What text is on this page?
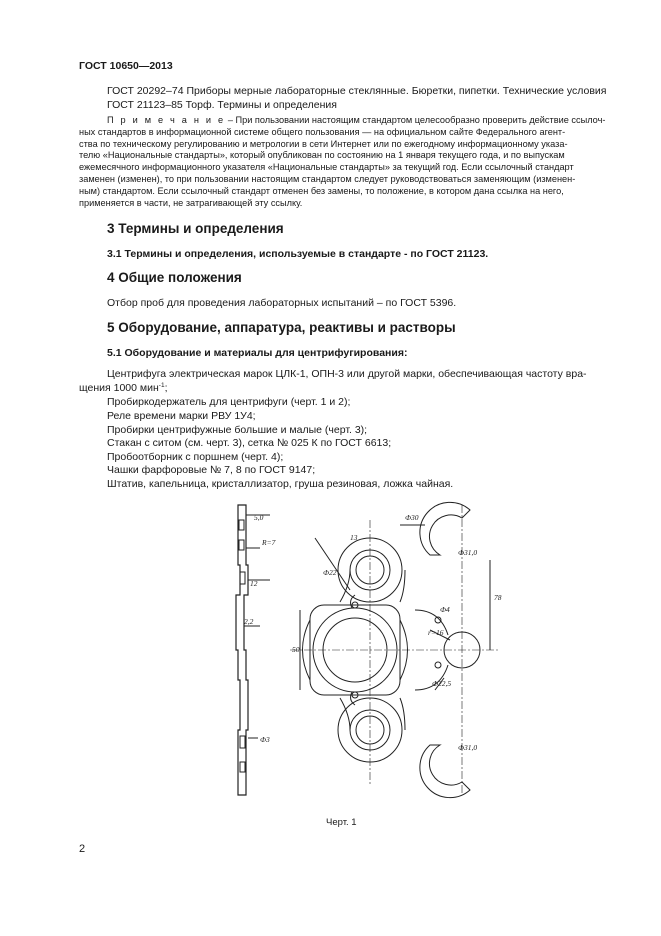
ГОСТ 10650—2013
ГОСТ 20292–74 Приборы мерные лабораторные стеклянные. Бюретки, пипетки. Технические условия
ГОСТ 21123–85 Торф. Термины и определения
П р и м е ч а н и е – При пользовании настоящим стандартом целесообразно проверить действие ссылоч-
ных стандартов в информационной системе общего пользования — на официальном сайте Федерального агент-
ства по техническому регулированию и метрологии в сети Интернет или по ежегодному информационному указа-
телю «Национальные стандарты», который опубликован по состоянию на 1 января текущего года, и по выпускам
ежемесячного информационного указателя «Национальные стандарты» за текущий год. Если ссылочный стандарт
заменен (изменен), то при пользовании настоящим стандартом следует руководствоваться заменяющим (изменен-
ным) стандартом. Если ссылочный стандарт отменен без замены, то положение, в котором дана ссылка на него,
применяется в части, не затрагивающей эту ссылку.
3 Термины и определения
3.1 Термины и определения, используемые в стандарте - по ГОСТ 21123.
4 Общие положения
Отбор проб для проведения лабораторных испытаний – по ГОСТ 5396.
5 Оборудование, аппаратура, реактивы и растворы
5.1 Оборудование и материалы для центрифугирования:
Центрифуга электрическая марок ЦЛК-1, ОПН-3 или другой марки, обеспечивающая частоту вра-
щения 1000 мин$^{-1}$;
Пробиркодержатель для центрифуги (черт. 1 и 2);
Реле времени марки РВУ 1У4;
Пробирки центрифужные большие и малые (черт. 3);
Стакан с ситом (см. черт. 3), сетка № 025 К по ГОСТ 6613;
Пробоотборник с поршнем (черт. 4);
Чашки фарфоровые № 7, 8 по ГОСТ 9147;
Штатив, капельница, кристаллизатор, груша резиновая, ложка чайная.
5,0
R=7
12
2,2
Ф3
Ф30
13
Ф22
Ф31,0
78
Ф4
r=16
50
Ф22,5
Ф31,0
Черт. 1
2
